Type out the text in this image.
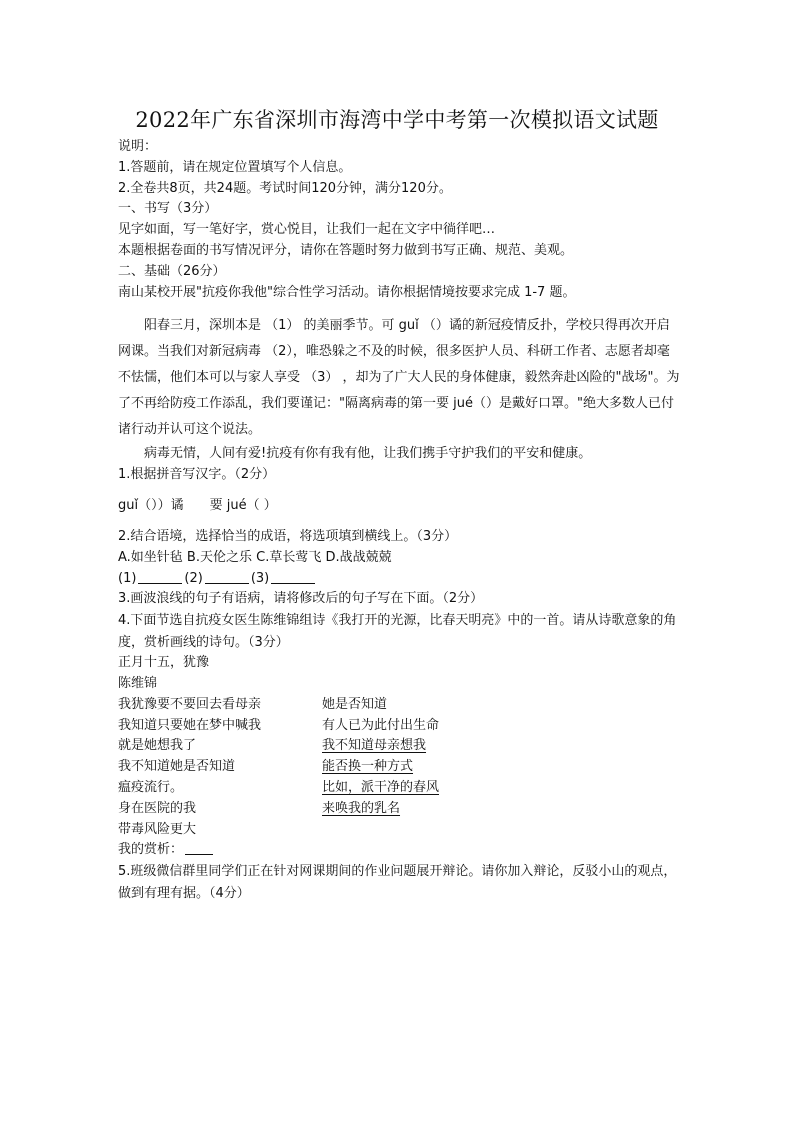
2022年广东省深圳市海湾中学中考第一次模拟语文试题
说明：
1.答题前，请在规定位置填写个人信息。
2.全卷共8页，共24题。考试时间120分钟，满分120分。
一、书写（3分）
见字如面，写一笔好字，赏心悦目，让我们一起在文字中徜徉吧…
本题根据卷面的书写情况评分，请你在答题时努力做到书写正确、规范、美观。
二、基础（26分）
南山某校开展"抗疫你我他"综合性学习活动。请你根据情境按要求完成 1-7 题。
阳春三月，深圳本是 （1） 的美丽季节。可 guǐ （）谲的新冠疫情反扑，学校只得再次开启网课。当我们对新冠病毒 （2），唯恐躲之不及的时候，很多医护人员、科研工作者、志愿者却毫不怯懦，他们本可以与家人享受 （3） ，却为了广大人民的身体健康，毅然奔赴凶险的"战场"。为了不再给防疫工作添乱，我们要谨记："隔离病毒的第一要 jué（）是戴好口罩。"绝大多数人已付诸行动并认可这个说法。
病毒无情，人间有爱!抗疫有你有我有他，让我们携手守护我们的平安和健康。
1.根据拼音写汉字。（2分）
guǐ（））谲　　要 jué（ ）
2.结合语境，选择恰当的成语，将选项填到横线上。（3分）
A.如坐针毡 B.天伦之乐 C.草长莺飞 D.战战兢兢
(1)	(2)	(3)
3.画波浪线的句子有语病，请将修改后的句子写在下面。（2分）
4.下面节选自抗疫女医生陈维锦组诗《我打开的光源，比春天明亮》中的一首。请从诗歌意象的角度，赏析画线的诗句。（3分）
正月十五，犹豫
陈维锦
我犹豫要不要回去看母亲	她是否知道
我知道只要她在梦中喊我	有人已为此付出生命
就是她想我了	我不知道母亲想我
我不知道她是否知道	能否换一种方式
瘟疫流行。	比如，派干净的春风
身在医院的我	来唤我的乳名
带毒风险更大
我的赏析：
5.班级微信群里同学们正在针对网课期间的作业问题展开辩论。请你加入辩论，反驳小山的观点，做到有理有据。（4分）
